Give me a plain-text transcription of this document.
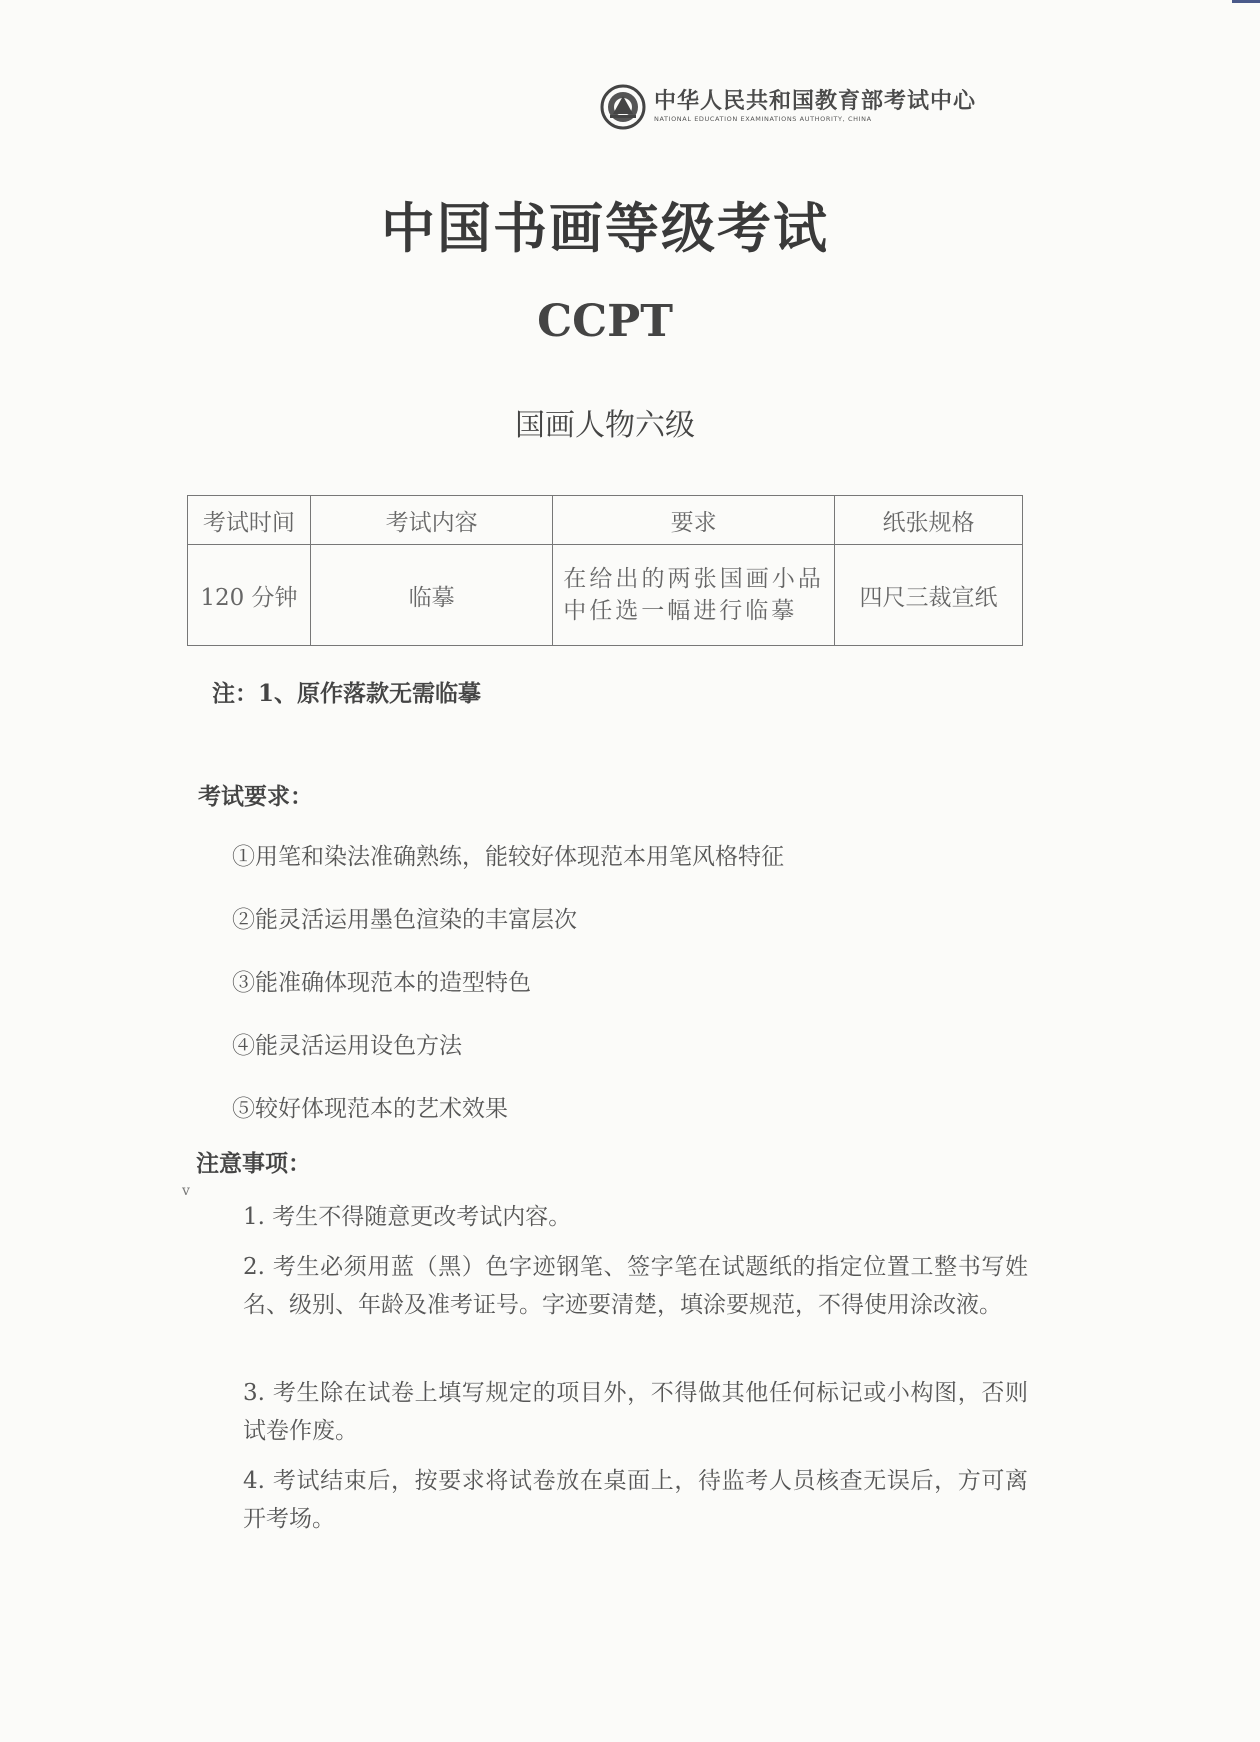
中华人民共和国教育部考试中心
NATIONAL EDUCATION EXAMINATIONS AUTHORITY, CHINA
中国书画等级考试
CCPT
国画人物六级
考试时间	考试内容	要求	纸张规格
120 分钟	临摹	在给出的两张国画小品中任选一幅进行临摹	四尺三裁宣纸
注：1、原作落款无需临摹
考试要求：
①用笔和染法准确熟练，能较好体现范本用笔风格特征
②能灵活运用墨色渲染的丰富层次
③能准确体现范本的造型特色
④能灵活运用设色方法
⑤较好体现范本的艺术效果
ⅴ
注意事项：
1. 考生不得随意更改考试内容。
2. 考生必须用蓝（黑）色字迹钢笔、签字笔在试题纸的指定位置工整书写姓名、级别、年龄及准考证号。字迹要清楚，填涂要规范，不得使用涂改液。
3. 考生除在试卷上填写规定的项目外，不得做其他任何标记或小构图，否则试卷作废。
4. 考试结束后，按要求将试卷放在桌面上，待监考人员核查无误后，方可离开考场。
